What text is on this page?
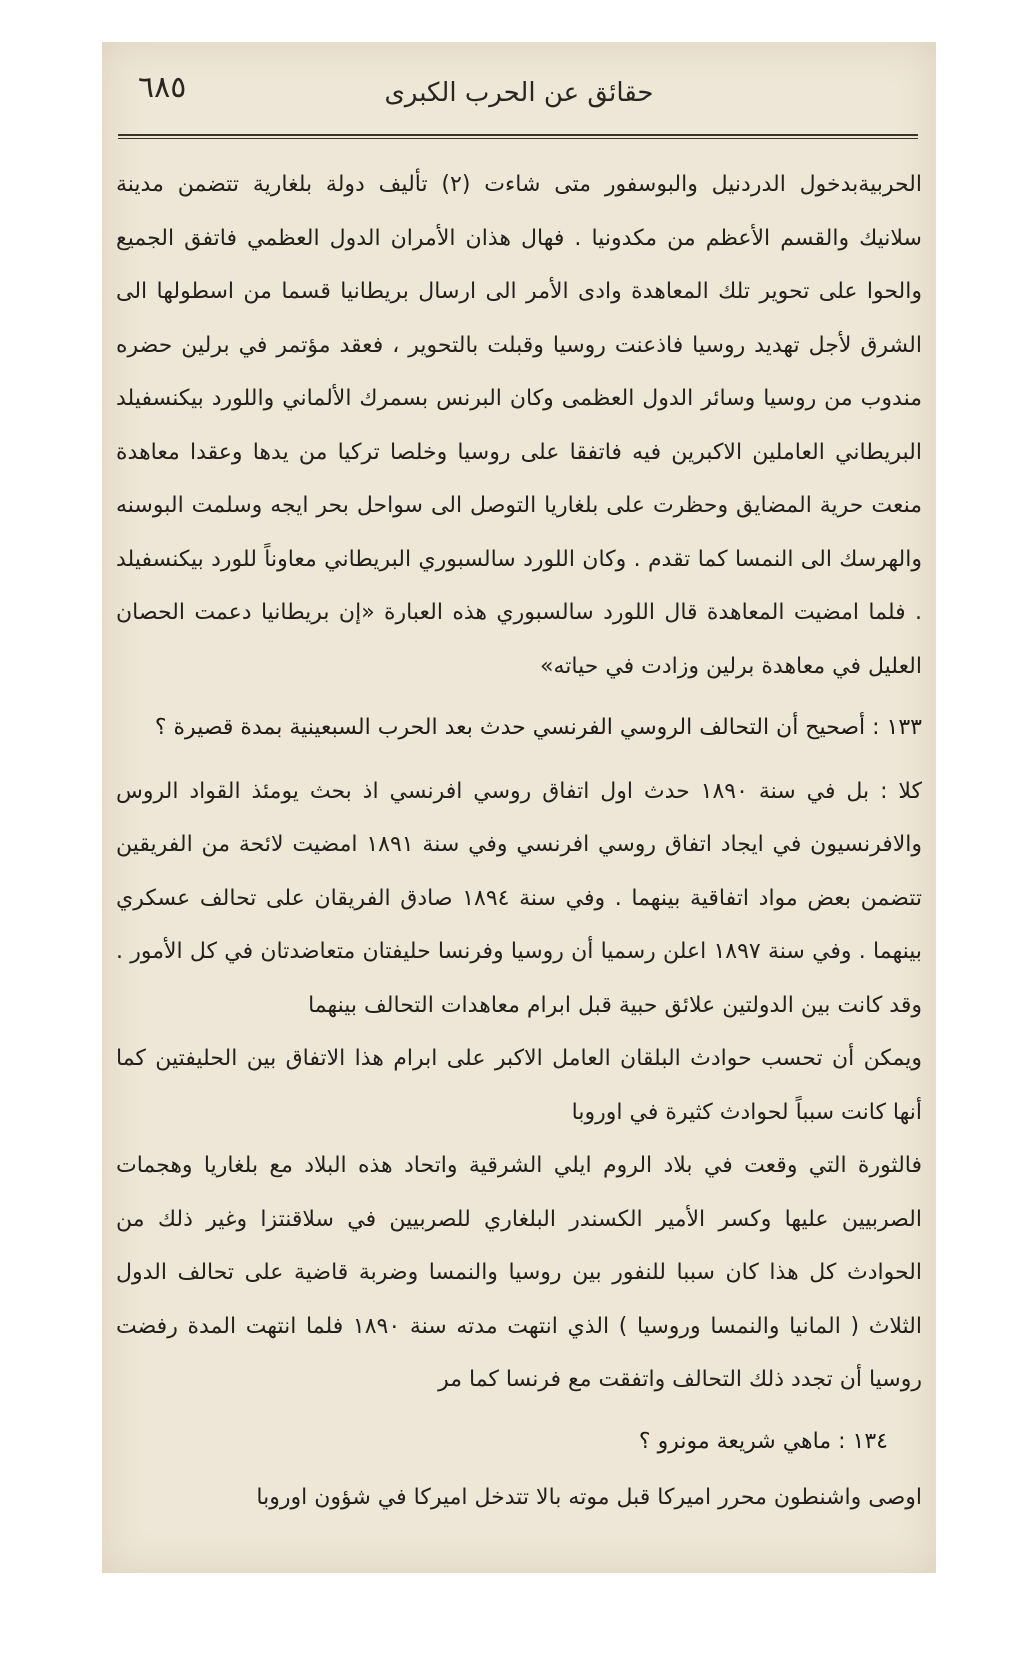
٦٨٥	حقائق عن الحرب الكبرى

الحربيةبدخول الدردنيل والبوسفور متى شاءت (٢) تأليف دولة بلغارية تتضمن مدينة سلانيك والقسم الأعظم من مكدونيا . فهال هذان الأمران الدول العظمي فاتفق الجميع والحوا على تحوير تلك المعاهدة وادى الأمر الى ارسال بريطانيا قسما من اسطولها الى الشرق لأجل تهديد روسيا فاذعنت روسيا وقبلت بالتحوير ، فعقد مؤتمر في برلين حضره مندوب من روسيا وسائر الدول العظمى وكان البرنس بسمرك الألماني واللورد بيكنسفيلد البريطاني العاملين الاكبرين فيه فاتفقا على روسيا وخلصا تركيا من يدها وعقدا معاهدة منعت حرية المضايق وحظرت على بلغاريا التوصل الى سواحل بحر ايجه وسلمت البوسنه والهرسك الى النمسا كما تقدم . وكان اللورد سالسبوري البريطاني معاوناً للورد بيكنسفيلد . فلما امضيت المعاهدة قال اللورد سالسبوري هذه العبارة «إن بريطانيا دعمت الحصان العليل في معاهدة برلين وزادت في حياته»

١٣٣ : أصحيح أن التحالف الروسي الفرنسي حدث بعد الحرب السبعينية بمدة قصيرة ؟

كلا : بل في سنة ١٨٩٠ حدث اول اتفاق روسي افرنسي اذ بحث يومئذ القواد الروس والافرنسيون في ايجاد اتفاق روسي افرنسي وفي سنة ١٨٩١ امضيت لائحة من الفريقين تتضمن بعض مواد اتفاقية بينهما . وفي سنة ١٨٩٤ صادق الفريقان على تحالف عسكري بينهما . وفي سنة ١٨٩٧ اعلن رسميا أن روسيا وفرنسا حليفتان متعاضدتان في كل الأمور . وقد كانت بين الدولتين علائق حبية قبل ابرام معاهدات التحالف بينهما

ويمكن أن تحسب حوادث البلقان العامل الاكبر على ابرام هذا الاتفاق بين الحليفتين كما أنها كانت سبباً لحوادث كثيرة في اوروبا

فالثورة التي وقعت في بلاد الروم ايلي الشرقية واتحاد هذه البلاد مع بلغاريا وهجمات الصربيين عليها وكسر الأمير الكسندر البلغاري للصربيين في سلاقنتزا وغير ذلك من الحوادث كل هذا كان سببا للنفور بين روسيا والنمسا وضربة قاضية على تحالف الدول الثلاث ( المانيا والنمسا وروسيا ) الذي انتهت مدته سنة ١٨٩٠ فلما انتهت المدة رفضت روسيا أن تجدد ذلك التحالف واتفقت مع فرنسا كما مر

١٣٤ : ماهي شريعة مونرو ؟

اوصى واشنطون محرر اميركا قبل موته بالا تتدخل اميركا في شؤون اوروبا
